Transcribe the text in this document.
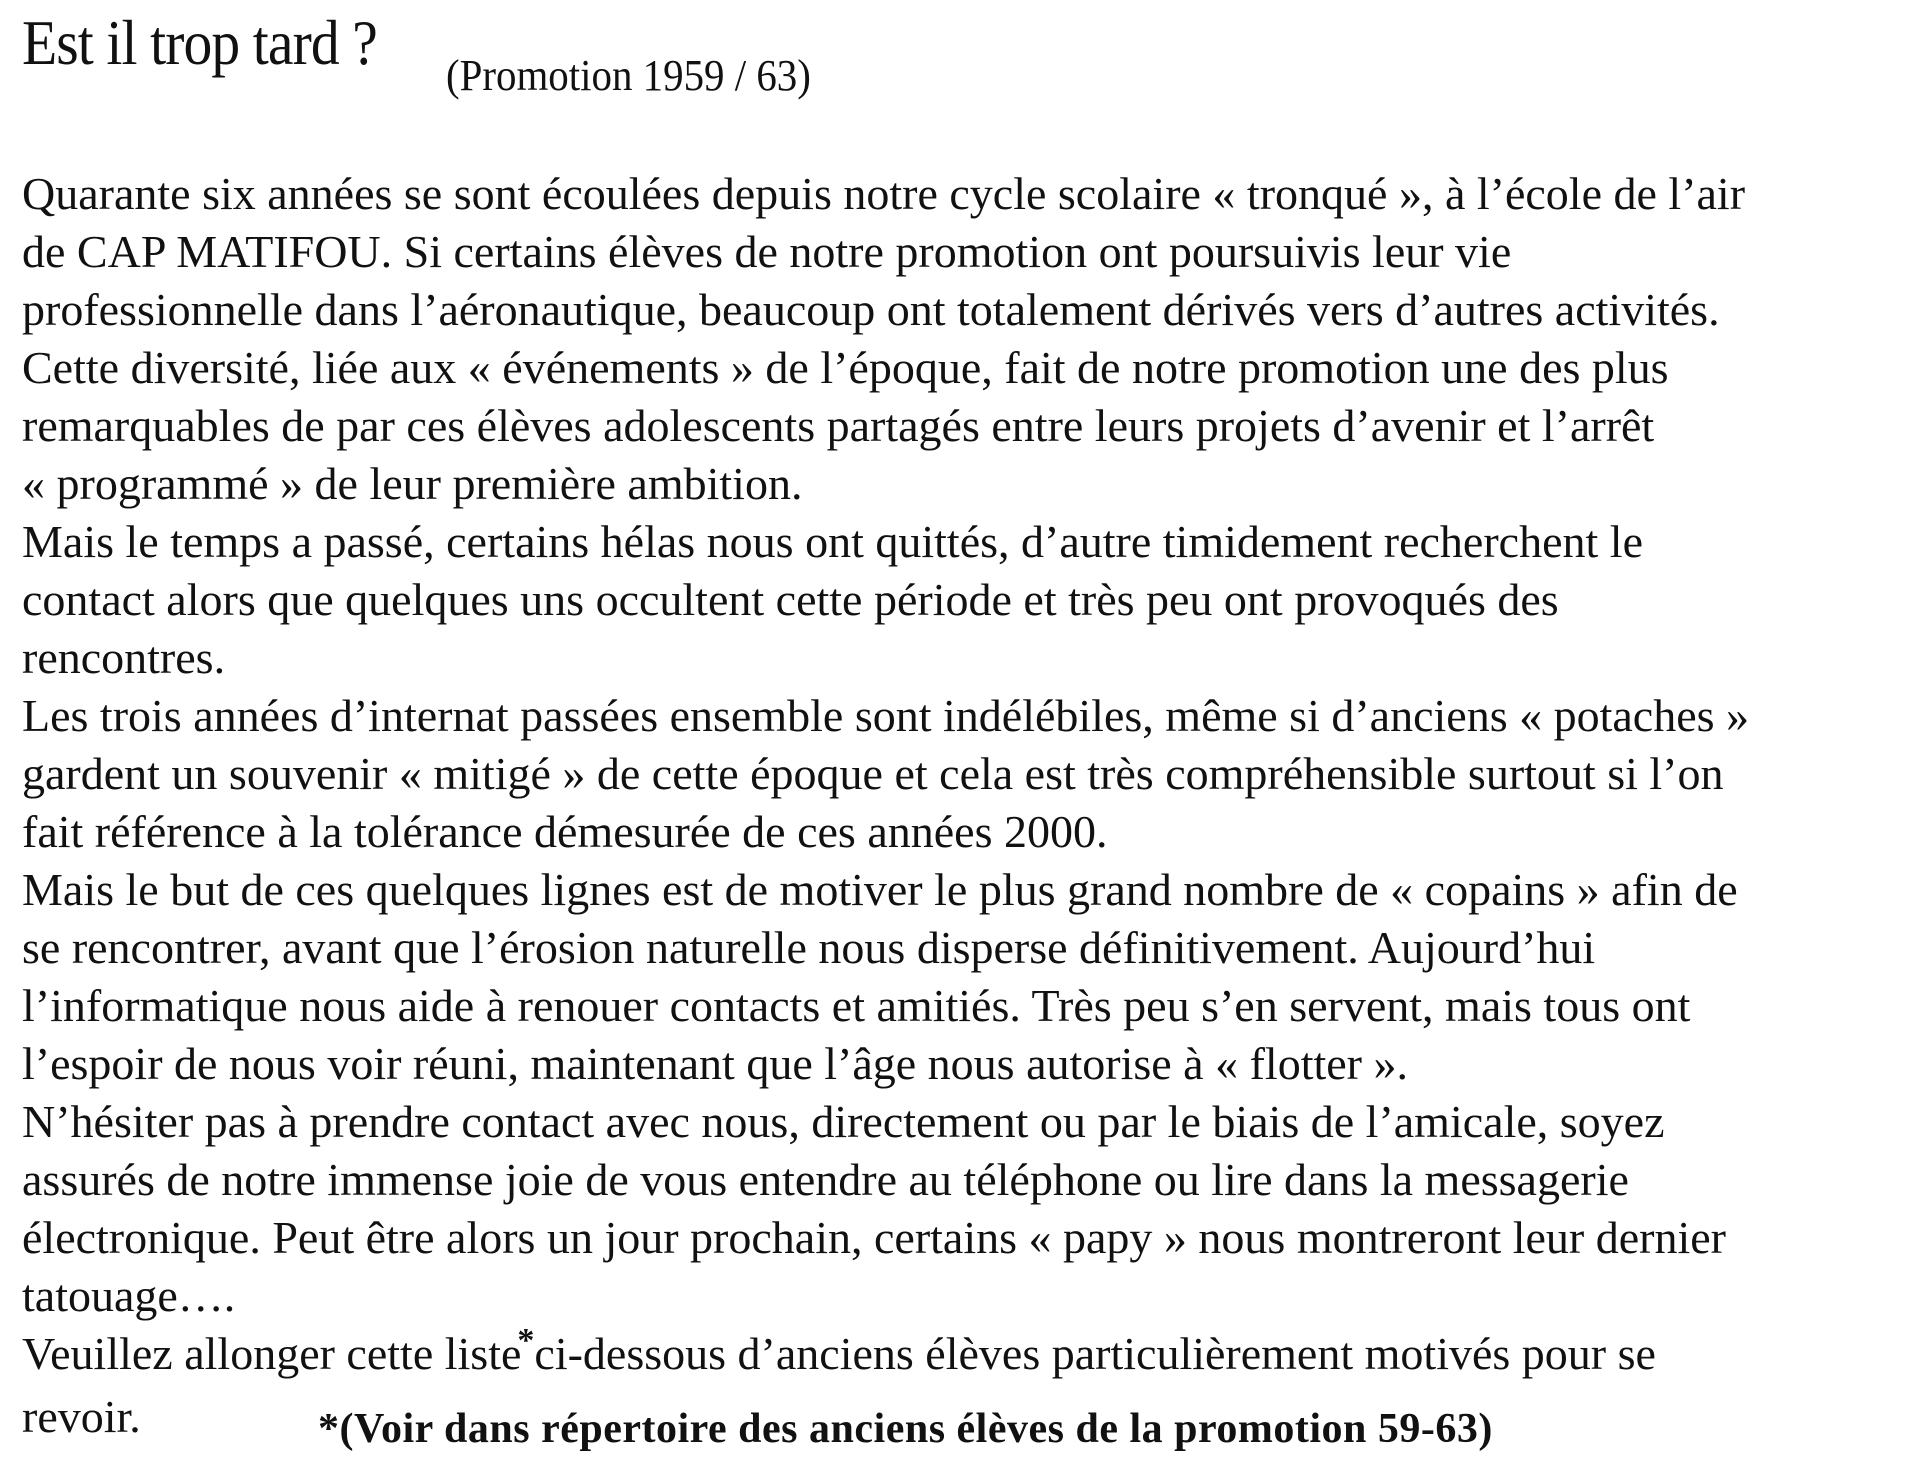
Est il trop tard ?	(Promotion 1959 / 63)
Quarante six années se sont écoulées depuis notre cycle scolaire « tronqué », à l’école de l’air
de CAP MATIFOU. Si certains élèves de notre promotion ont poursuivis leur vie
professionnelle dans l’aéronautique, beaucoup ont totalement dérivés vers d’autres activités.
Cette diversité, liée aux « événements » de l’époque, fait de notre promotion une des plus
remarquables de par ces élèves adolescents partagés entre leurs projets d’avenir et l’arrêt
« programmé » de leur première ambition.
Mais le temps a passé, certains hélas nous ont quittés, d’autre timidement recherchent le
contact alors que quelques uns occultent cette période et très peu ont provoqués des
rencontres.
Les trois années d’internat passées ensemble sont indélébiles, même si d’anciens « potaches »
gardent un souvenir « mitigé » de cette époque et cela est très compréhensible surtout si l’on
fait référence à la tolérance démesurée de ces années 2000.
Mais le but de ces quelques lignes est de motiver le plus grand nombre de « copains » afin de
se rencontrer, avant que l’érosion naturelle nous disperse définitivement. Aujourd’hui
l’informatique nous aide à renouer contacts et amitiés. Très peu s’en servent, mais tous ont
l’espoir de nous voir réuni, maintenant que l’âge nous autorise à « flotter ».
N’hésiter pas à prendre contact avec nous, directement ou par le biais de l’amicale, soyez
assurés de notre immense joie de vous entendre au téléphone ou lire dans la messagerie
électronique. Peut être alors un jour prochain, certains « papy » nous montreront leur dernier
tatouage….
Veuillez allonger cette liste*ci-dessous d’anciens élèves particulièrement motivés pour se
revoir.	*(Voir dans répertoire des anciens élèves de la promotion 59-63)
